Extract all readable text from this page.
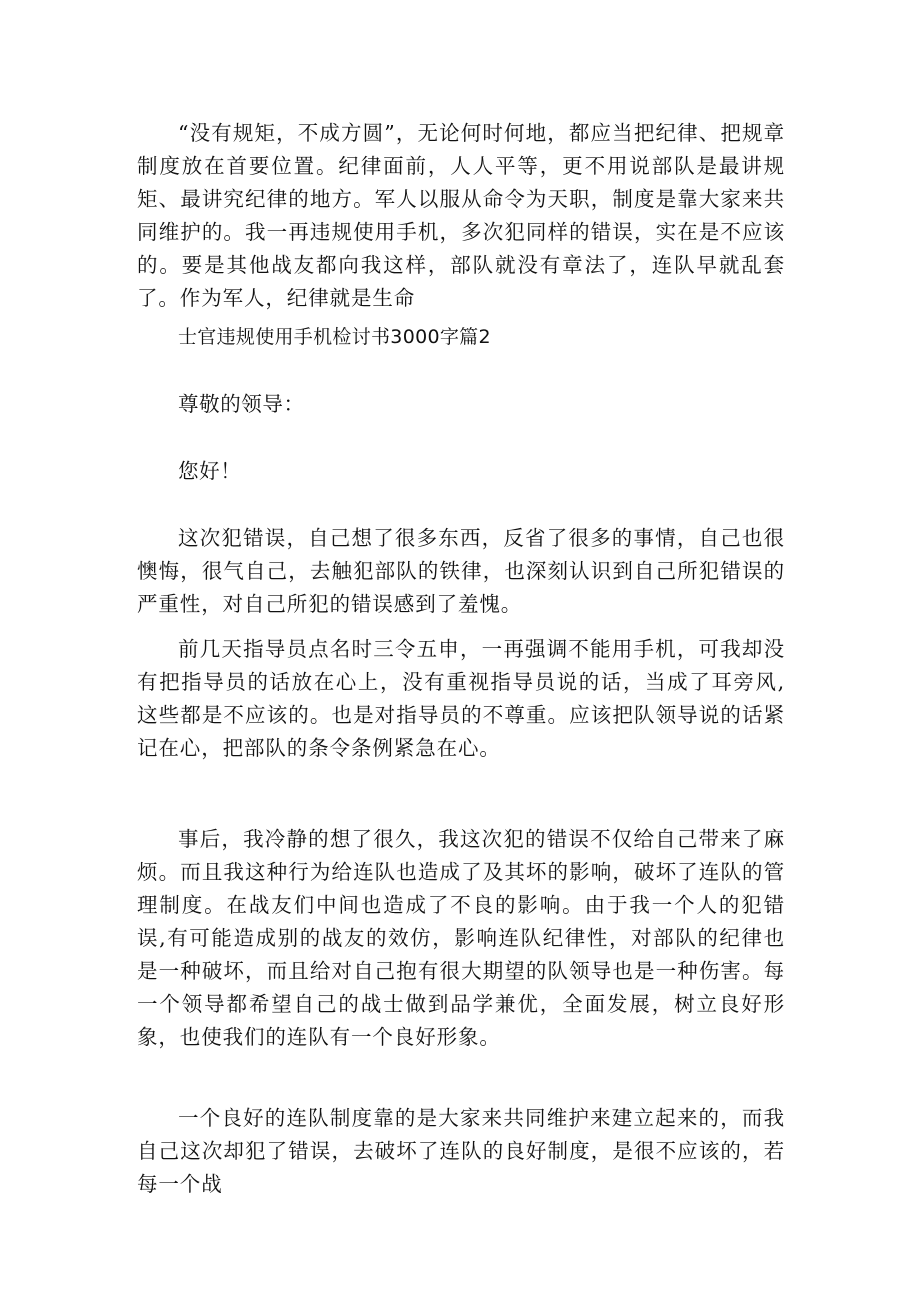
“没有规矩，不成方圆”，无论何时何地，都应当把纪律、把规章制度放在首要位置。纪律面前，人人平等，更不用说部队是最讲规矩、最讲究纪律的地方。军人以服从命令为天职，制度是靠大家来共同维护的。我一再违规使用手机，多次犯同样的错误，实在是不应该的。要是其他战友都向我这样，部队就没有章法了，连队早就乱套了。作为军人，纪律就是生命

士官违规使用手机检讨书3000字篇2

尊敬的领导：

您好！

这次犯错误，自己想了很多东西，反省了很多的事情，自己也很懊悔，很气自己，去触犯部队的铁律，也深刻认识到自己所犯错误的严重性，对自己所犯的错误感到了羞愧。

前几天指导员点名时三令五申，一再强调不能用手机，可我却没有把指导员的话放在心上，没有重视指导员说的话，当成了耳旁风,这些都是不应该的。也是对指导员的不尊重。应该把队领导说的话紧记在心，把部队的条令条例紧急在心。

事后，我冷静的想了很久，我这次犯的错误不仅给自己带来了麻烦。而且我这种行为给连队也造成了及其坏的影响，破坏了连队的管理制度。在战友们中间也造成了不良的影响。由于我一个人的犯错误,有可能造成别的战友的效仿，影响连队纪律性，对部队的纪律也是一种破坏，而且给对自己抱有很大期望的队领导也是一种伤害。每一个领导都希望自己的战士做到品学兼优，全面发展，树立良好形象，也使我们的连队有一个良好形象。

一个良好的连队制度靠的是大家来共同维护来建立起来的，而我自己这次却犯了错误，去破坏了连队的良好制度，是很不应该的，若每一个战
